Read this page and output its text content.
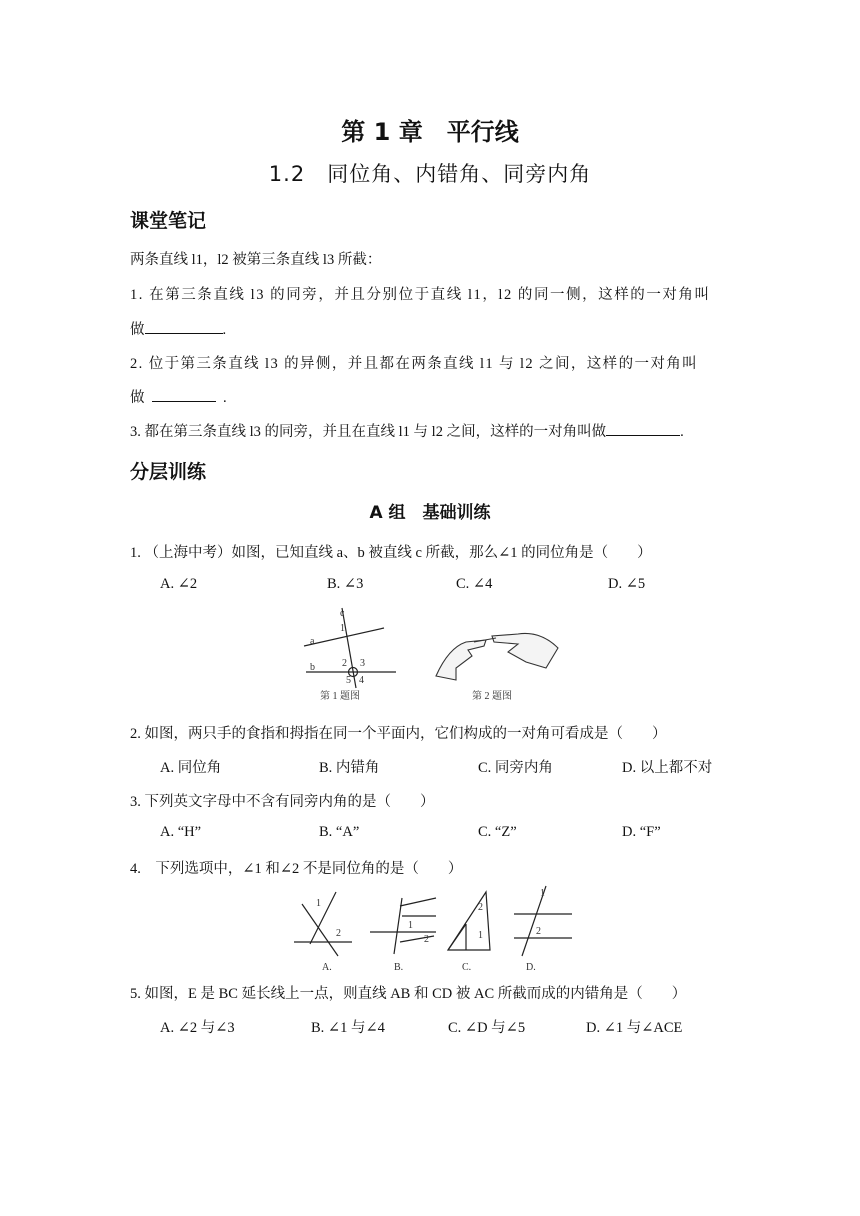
第 1 章　平行线
1.2　同位角、内错角、同旁内角
课堂笔记
两条直线 l1，l2 被第三条直线 l3 所截：
1. 在第三条直线 l3 的同旁，并且分别位于直线 l1，l2 的同一侧，这样的一对角叫
做	.
2. 位于第三条直线 l3 的异侧，并且都在两条直线 l1 与 l2 之间，这样的一对角叫
做	.
3. 都在第三条直线 l3 的同旁，并且在直线 l1 与 l2 之间，这样的一对角叫做	.
分层训练
A 组　基础训练
1. （上海中考）如图，已知直线 a、b 被直线 c 所截，那么∠1 的同位角是（　　）
A. ∠2	B. ∠3	C. ∠4	D. ∠5
c
a
b
1
2 3
4
5
第 1 题图	第 2 题图
2. 如图，两只手的食指和拇指在同一个平面内，它们构成的一对角可看成是（　　）
A. 同位角	B. 内错角	C. 同旁内角	D. 以上都不对
3. 下列英文字母中不含有同旁内角的是（　　）
A. “H”	B. “A”	C. “Z”	D. “F”
4.　下列选项中，∠1 和∠2 不是同位角的是（　　）
1
2
1
2	1
2
1
2
A.	B.	C.	D.
5. 如图，E 是 BC 延长线上一点，则直线 AB 和 CD 被 AC 所截而成的内错角是（　　）
A. ∠2 与∠3	B. ∠1 与∠4	C. ∠D 与∠5	D. ∠1 与∠ACE
